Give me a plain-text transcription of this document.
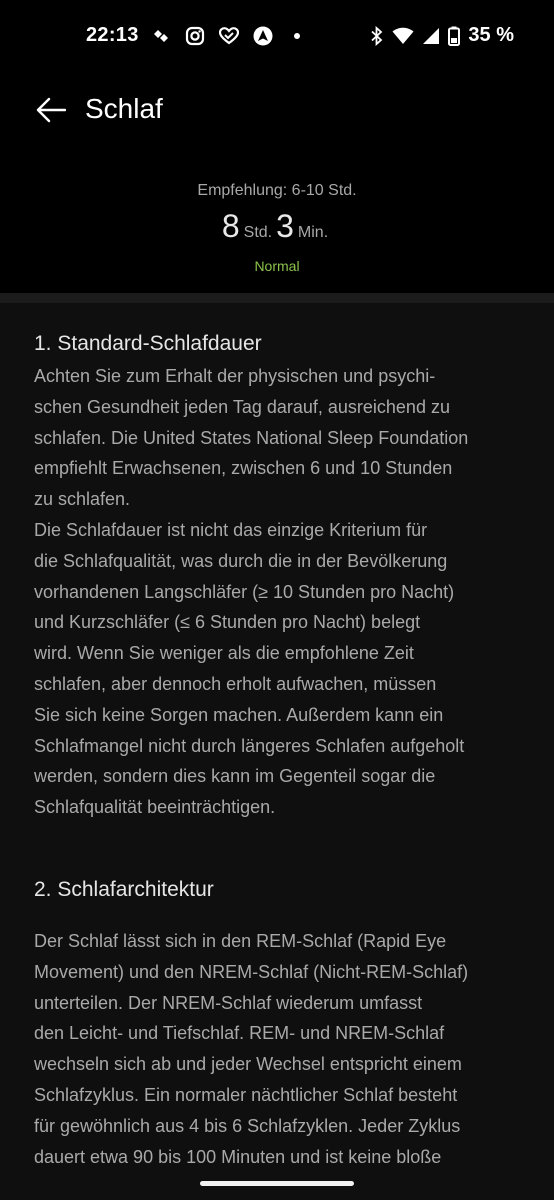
22:13	35 %
Schlaf
Empfehlung: 6-10 Std.
8 Std. 3 Min.
Normal
1. Standard-Schlafdauer

Achten Sie zum Erhalt der physischen und psychi-
schen Gesundheit jeden Tag darauf, ausreichend zu
schlafen. Die United States National Sleep Foundation
empfiehlt Erwachsenen, zwischen 6 und 10 Stunden
zu schlafen.
Die Schlafdauer ist nicht das einzige Kriterium für
die Schlafqualität, was durch die in der Bevölkerung
vorhandenen Langschläfer (≥ 10 Stunden pro Nacht)
und Kurzschläfer (≤ 6 Stunden pro Nacht) belegt
wird. Wenn Sie weniger als die empfohlene Zeit
schlafen, aber dennoch erholt aufwachen, müssen
Sie sich keine Sorgen machen. Außerdem kann ein
Schlafmangel nicht durch längeres Schlafen aufgeholt
werden, sondern dies kann im Gegenteil sogar die
Schlafqualität beeinträchtigen.

2. Schlafarchitektur

Der Schlaf lässt sich in den REM-Schlaf (Rapid Eye
Movement) und den NREM-Schlaf (Nicht-REM-Schlaf)
unterteilen. Der NREM-Schlaf wiederum umfasst
den Leicht- und Tiefschlaf. REM- und NREM-Schlaf
wechseln sich ab und jeder Wechsel entspricht einem
Schlafzyklus. Ein normaler nächtlicher Schlaf besteht
für gewöhnlich aus 4 bis 6 Schlafzyklen. Jeder Zyklus
dauert etwa 90 bis 100 Minuten und ist keine bloße
